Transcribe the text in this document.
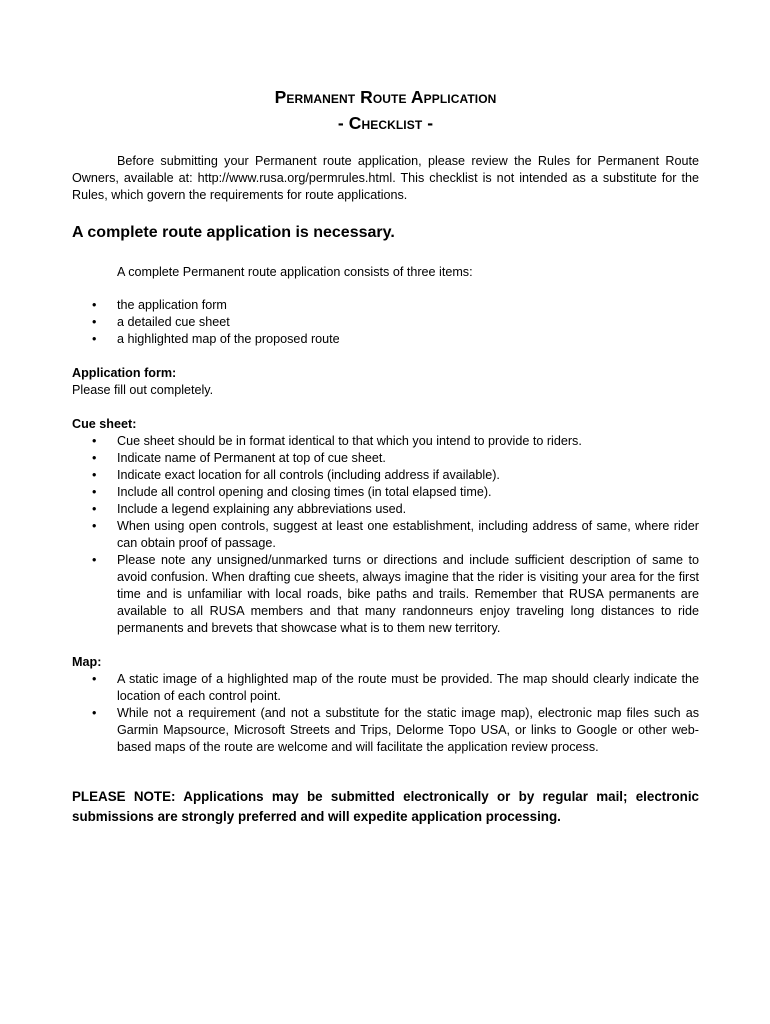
Permanent Route Application
- Checklist -
Before submitting your Permanent route application, please review the Rules for Permanent Route Owners, available at: http://www.rusa.org/permrules.html. This checklist is not intended as a substitute for the Rules, which govern the requirements for route applications.
A complete route application is necessary.
A complete Permanent route application consists of three items:
• the application form
• a detailed cue sheet
• a highlighted map of the proposed route
Application form:
Please fill out completely.
Cue sheet:
• Cue sheet should be in format identical to that which you intend to provide to riders.
• Indicate name of Permanent at top of cue sheet.
• Indicate exact location for all controls (including address if available).
• Include all control opening and closing times (in total elapsed time).
• Include a legend explaining any abbreviations used.
• When using open controls, suggest at least one establishment, including address of same, where rider can obtain proof of passage.
• Please note any unsigned/unmarked turns or directions and include sufficient description of same to avoid confusion. When drafting cue sheets, always imagine that the rider is visiting your area for the first time and is unfamiliar with local roads, bike paths and trails. Remember that RUSA permanents are available to all RUSA members and that many randonneurs enjoy traveling long distances to ride permanents and brevets that showcase what is to them new territory.
Map:
• A static image of a highlighted map of the route must be provided. The map should clearly indicate the location of each control point.
• While not a requirement (and not a substitute for the static image map), electronic map files such as Garmin Mapsource, Microsoft Streets and Trips, Delorme Topo USA, or links to Google or other web-based maps of the route are welcome and will facilitate the application review process.
PLEASE NOTE: Applications may be submitted electronically or by regular mail; electronic submissions are strongly preferred and will expedite application processing.
